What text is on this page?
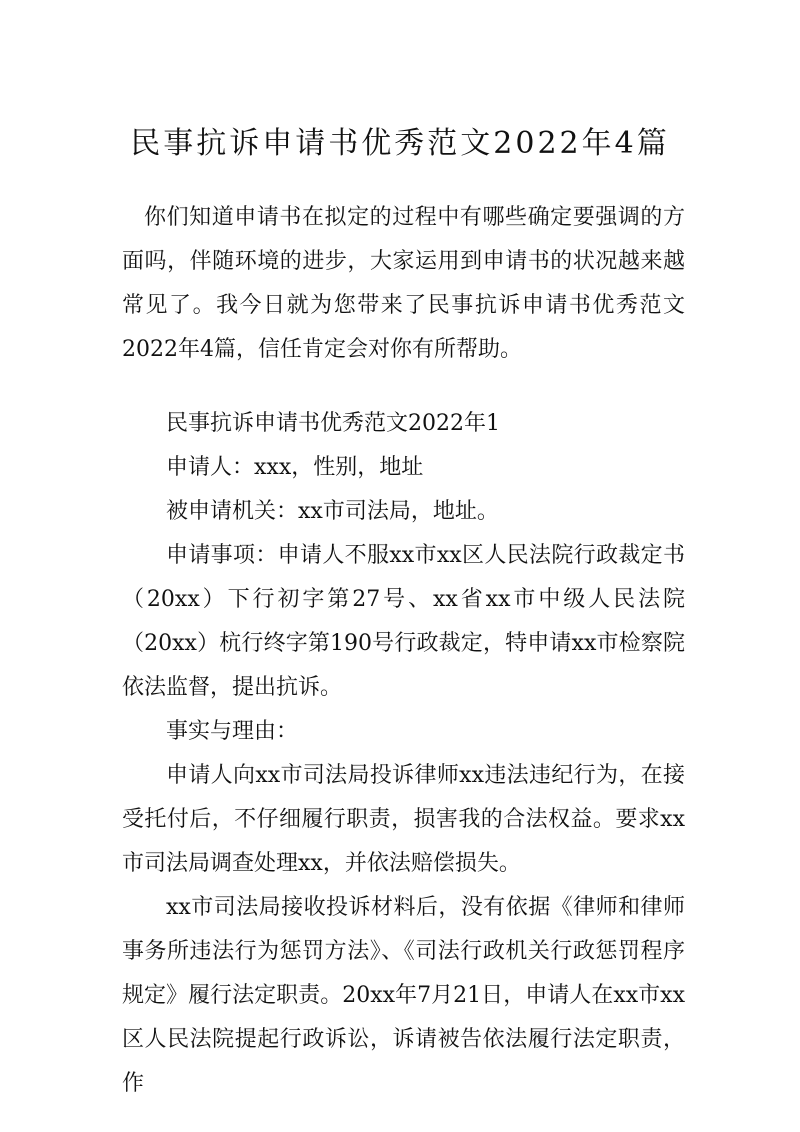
民事抗诉申请书优秀范文2022年4篇

你们知道申请书在拟定的过程中有哪些确定要强调的方面吗，伴随环境的进步，大家运用到申请书的状况越来越常见了。我今日就为您带来了民事抗诉申请书优秀范文2022年4篇，信任肯定会对你有所帮助。

民事抗诉申请书优秀范文2022年1

申请人：xxx，性别，地址

被申请机关：xx市司法局，地址。

申请事项：申请人不服xx市xx区人民法院行政裁定书（20xx）下行初字第27号、xx省xx市中级人民法院（20xx）杭行终字第190号行政裁定，特申请xx市检察院依法监督，提出抗诉。

事实与理由：

申请人向xx市司法局投诉律师xx违法违纪行为，在接受托付后，不仔细履行职责，损害我的合法权益。要求xx市司法局调查处理xx，并依法赔偿损失。

xx市司法局接收投诉材料后，没有依据《律师和律师事务所违法行为惩罚方法》、《司法行政机关行政惩罚程序规定》履行法定职责。20xx年7月21日，申请人在xx市xx区人民法院提起行政诉讼，诉请被告依法履行法定职责，作
